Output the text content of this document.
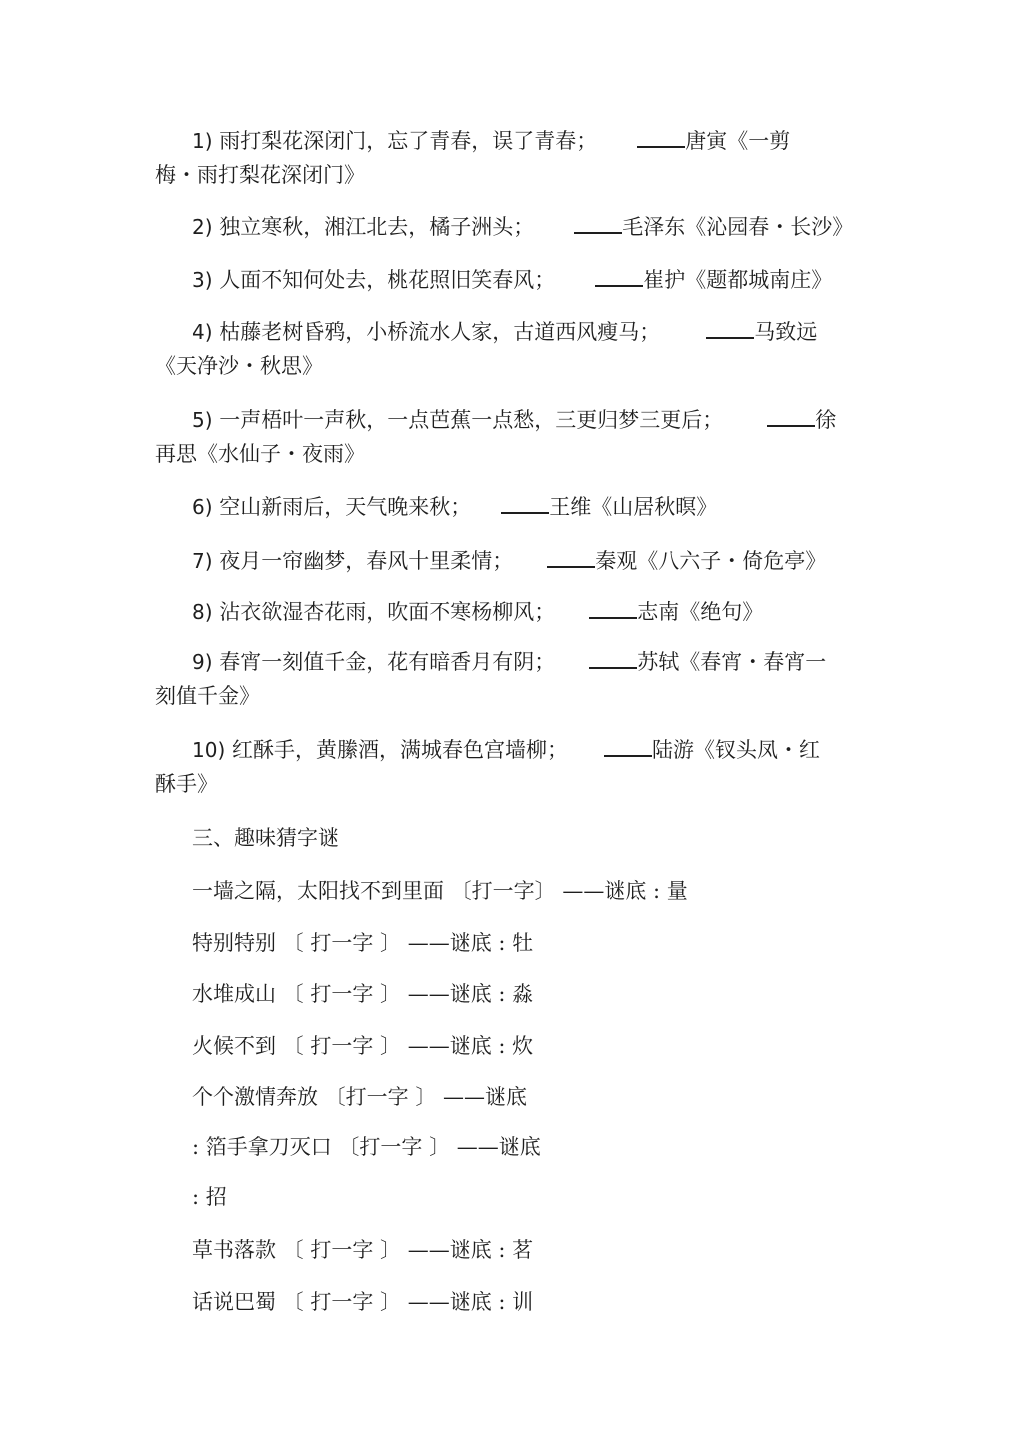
1) 雨打梨花深闭门，忘了青春，误了青春；	唐寅《一剪
梅・雨打梨花深闭门》
2) 独立寒秋，湘江北去，橘子洲头；	毛泽东《沁园春・长沙》
3) 人面不知何处去，桃花照旧笑春风；	崔护《题都城南庄》
4) 枯藤老树昏鸦，小桥流水人家，古道西风瘦马；	马致远
《天净沙・秋思》
5) 一声梧叶一声秋，一点芭蕉一点愁，三更归梦三更后；	徐
再思《水仙子・夜雨》
6) 空山新雨后，天气晚来秋；	王维《山居秋暝》
7) 夜月一帘幽梦，春风十里柔情；	秦观《八六子・倚危亭》
8) 沾衣欲湿杏花雨，吹面不寒杨柳风；	志南《绝句》
9) 春宵一刻值千金，花有暗香月有阴；	苏轼《春宵・春宵一
刻值千金》
10) 红酥手，黄縢酒，满城春色宫墙柳；	陆游《钗头凤・红
酥手》
三、趣味猜字谜
一墙之隔，太阳找不到里面 〔打一字〕 ——谜底 : 量
特别特别 〔 打一字 〕 ——谜底 : 牡
水堆成山 〔 打一字 〕 ——谜底 : 淼
火候不到 〔 打一字 〕 ——谜底 : 炊
个个激情奔放 〔打一字 〕 ——谜底
: 箔手拿刀灭口 〔打一字 〕 ——谜底
: 招
草书落款 〔 打一字 〕 ——谜底 : 茗
话说巴蜀 〔 打一字 〕 ——谜底 : 训
